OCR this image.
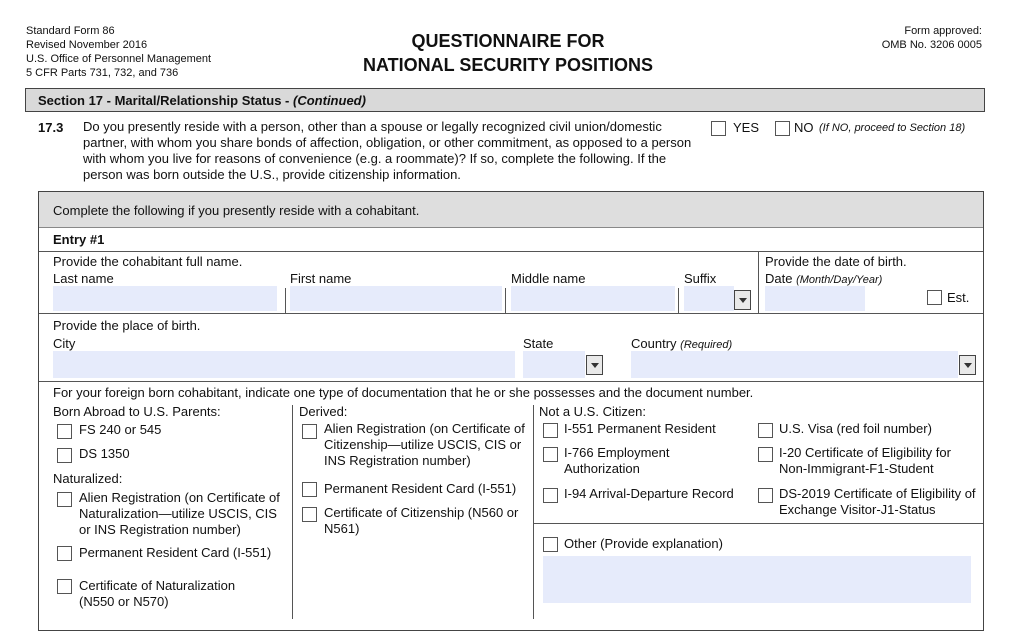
Standard Form 86
Revised November 2016
U.S. Office of Personnel Management
5 CFR Parts 731, 732, and 736
QUESTIONNAIRE FOR
NATIONAL SECURITY POSITIONS
Form approved:
OMB No. 3206 0005
Section 17 - Marital/Relationship Status - (Continued)
17.3 Do you presently reside with a person, other than a spouse or legally recognized civil union/domestic partner, with whom you share bonds of affection, obligation, or other commitment, as opposed to a person with whom you live for reasons of convenience (e.g. a roommate)? If so, complete the following. If the person was born outside the U.S., provide citizenship information.
YES	NO (If NO, proceed to Section 18)
Complete the following if you presently reside with a cohabitant.
Entry #1
Provide the cohabitant full name.
Last name	First name	Middle name	Suffix
Provide the date of birth.
Date (Month/Day/Year)
Est.
Provide the place of birth.
City	State	Country (Required)
For your foreign born cohabitant, indicate one type of documentation that he or she possesses and the document number.
Born Abroad to U.S. Parents:
FS 240 or 545
DS 1350
Naturalized:
Alien Registration (on Certificate of Naturalization—utilize USCIS, CIS or INS Registration number)
Permanent Resident Card (I-551)
Certificate of Naturalization (N550 or N570)
Derived:
Alien Registration (on Certificate of Citizenship—utilize USCIS, CIS or INS Registration number)
Permanent Resident Card (I-551)
Certificate of Citizenship (N560 or N561)
Not a U.S. Citizen:
I-551 Permanent Resident
I-766 Employment Authorization
I-94 Arrival-Departure Record
U.S. Visa (red foil number)
I-20 Certificate of Eligibility for Non-Immigrant-F1-Student
DS-2019 Certificate of Eligibility of Exchange Visitor-J1-Status
Other (Provide explanation)
